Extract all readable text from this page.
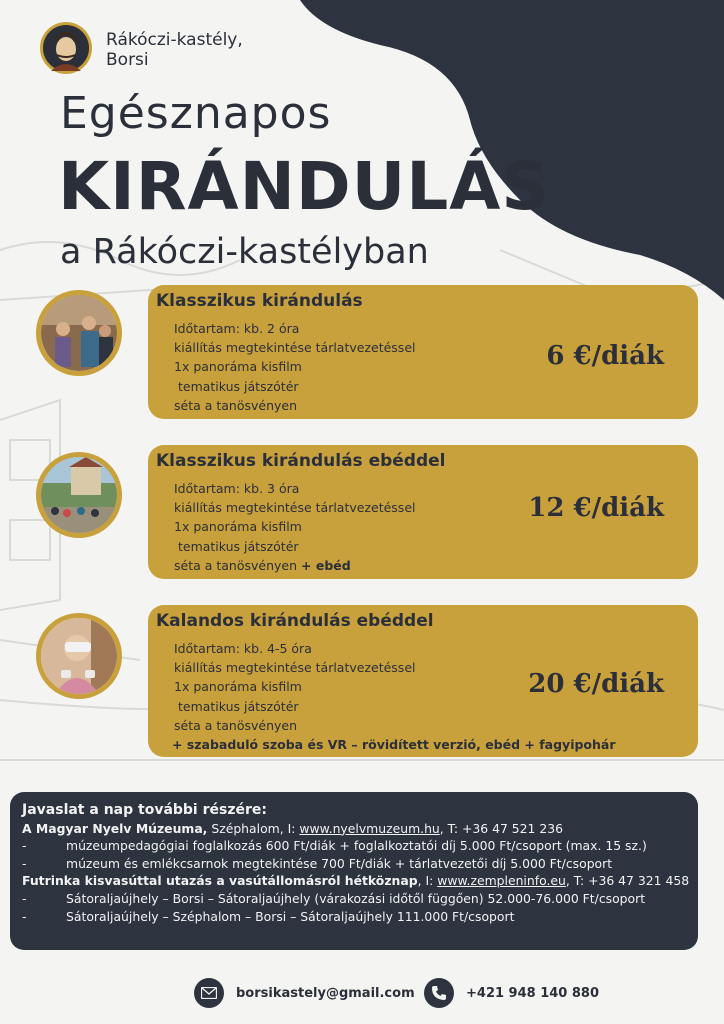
Rákóczi-kastély,
Borsi
Egésznapos
KIRÁNDULÁS
a Rákóczi-kastélyban
Klasszikus kirándulás
Időtartam: kb. 2 óra
kiállítás megtekintése tárlatvezetéssel
1x panoráma kisfilm
tematikus játszótér
séta a tanösvényen
6 €/diák
Klasszikus kirándulás ebéddel
Időtartam: kb. 3 óra
kiállítás megtekintése tárlatvezetéssel
1x panoráma kisfilm
tematikus játszótér
séta a tanösvényen + ebéd
12 €/diák
Kalandos kirándulás ebéddel
Időtartam: kb. 4-5 óra
kiállítás megtekintése tárlatvezetéssel
1x panoráma kisfilm
tematikus játszótér
séta a tanösvényen
+ szabaduló szoba és VR – rövidített verzió, ebéd + fagyipohár
20 €/diák
Javaslat a nap további részére:
A Magyar Nyelv Múzeuma, Széphalom, I: www.nyelvmuzeum.hu, T: +36 47 521 236
-	múzeumpedagógiai foglalkozás 600 Ft/diák + foglalkoztatói díj 5.000 Ft/csoport (max. 15 sz.)
-	múzeum és emlékcsarnok megtekintése 700 Ft/diák + tárlatvezetői díj 5.000 Ft/csoport
Futrinka kisvasúttal utazás a vasútállomásról hétköznap, I: www.zempleninfo.eu, T: +36 47 321 458
-	Sátoraljaújhely – Borsi – Sátoraljaújhely (várakozási időtől függően) 52.000-76.000 Ft/csoport
-	Sátoraljaújhely – Széphalom – Borsi – Sátoraljaújhely 111.000 Ft/csoport
borsikastely@gmail.com	+421 948 140 880
